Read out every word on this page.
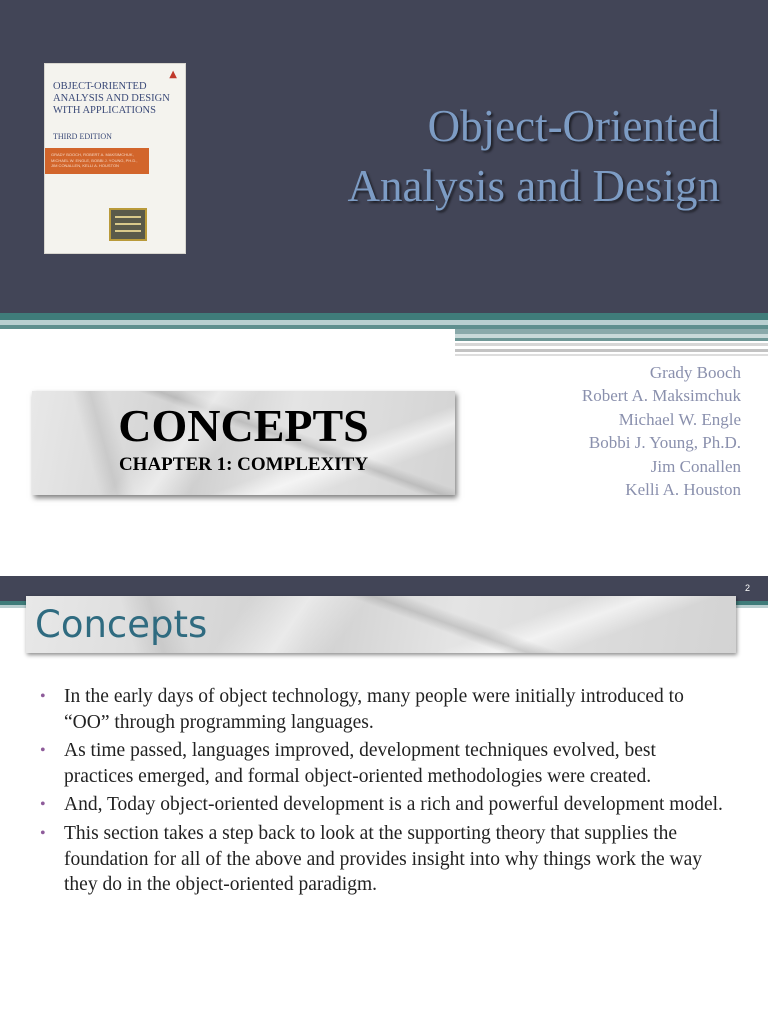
▲
OBJECT-ORIENTED ANALYSIS AND DESIGN WITH APPLICATIONS
THIRD EDITION
GRADY BOOCH, ROBERT A. MAKSIMCHUK, MICHAEL W. ENGLE, BOBBI J. YOUNG, PH.D., JIM CONALLEN, KELLI A. HOUSTON
Object-Oriented
Analysis and Design
CONCEPTS
CHAPTER 1: COMPLEXITY
Grady Booch
Robert A. Maksimchuk
Michael W. Engle
Bobbi J. Young, Ph.D.
Jim Conallen
Kelli A. Houston
2
Concepts
• In the early days of object technology, many people were initially introduced to “OO” through programming languages.
• As time passed, languages improved, development techniques evolved, best practices emerged, and formal object-oriented methodologies were created.
• And, Today object-oriented development is a rich and powerful development model.
• This section takes a step back to look at the supporting theory that supplies the foundation for all of the above and provides insight into why things work the way they do in the object-oriented paradigm.
